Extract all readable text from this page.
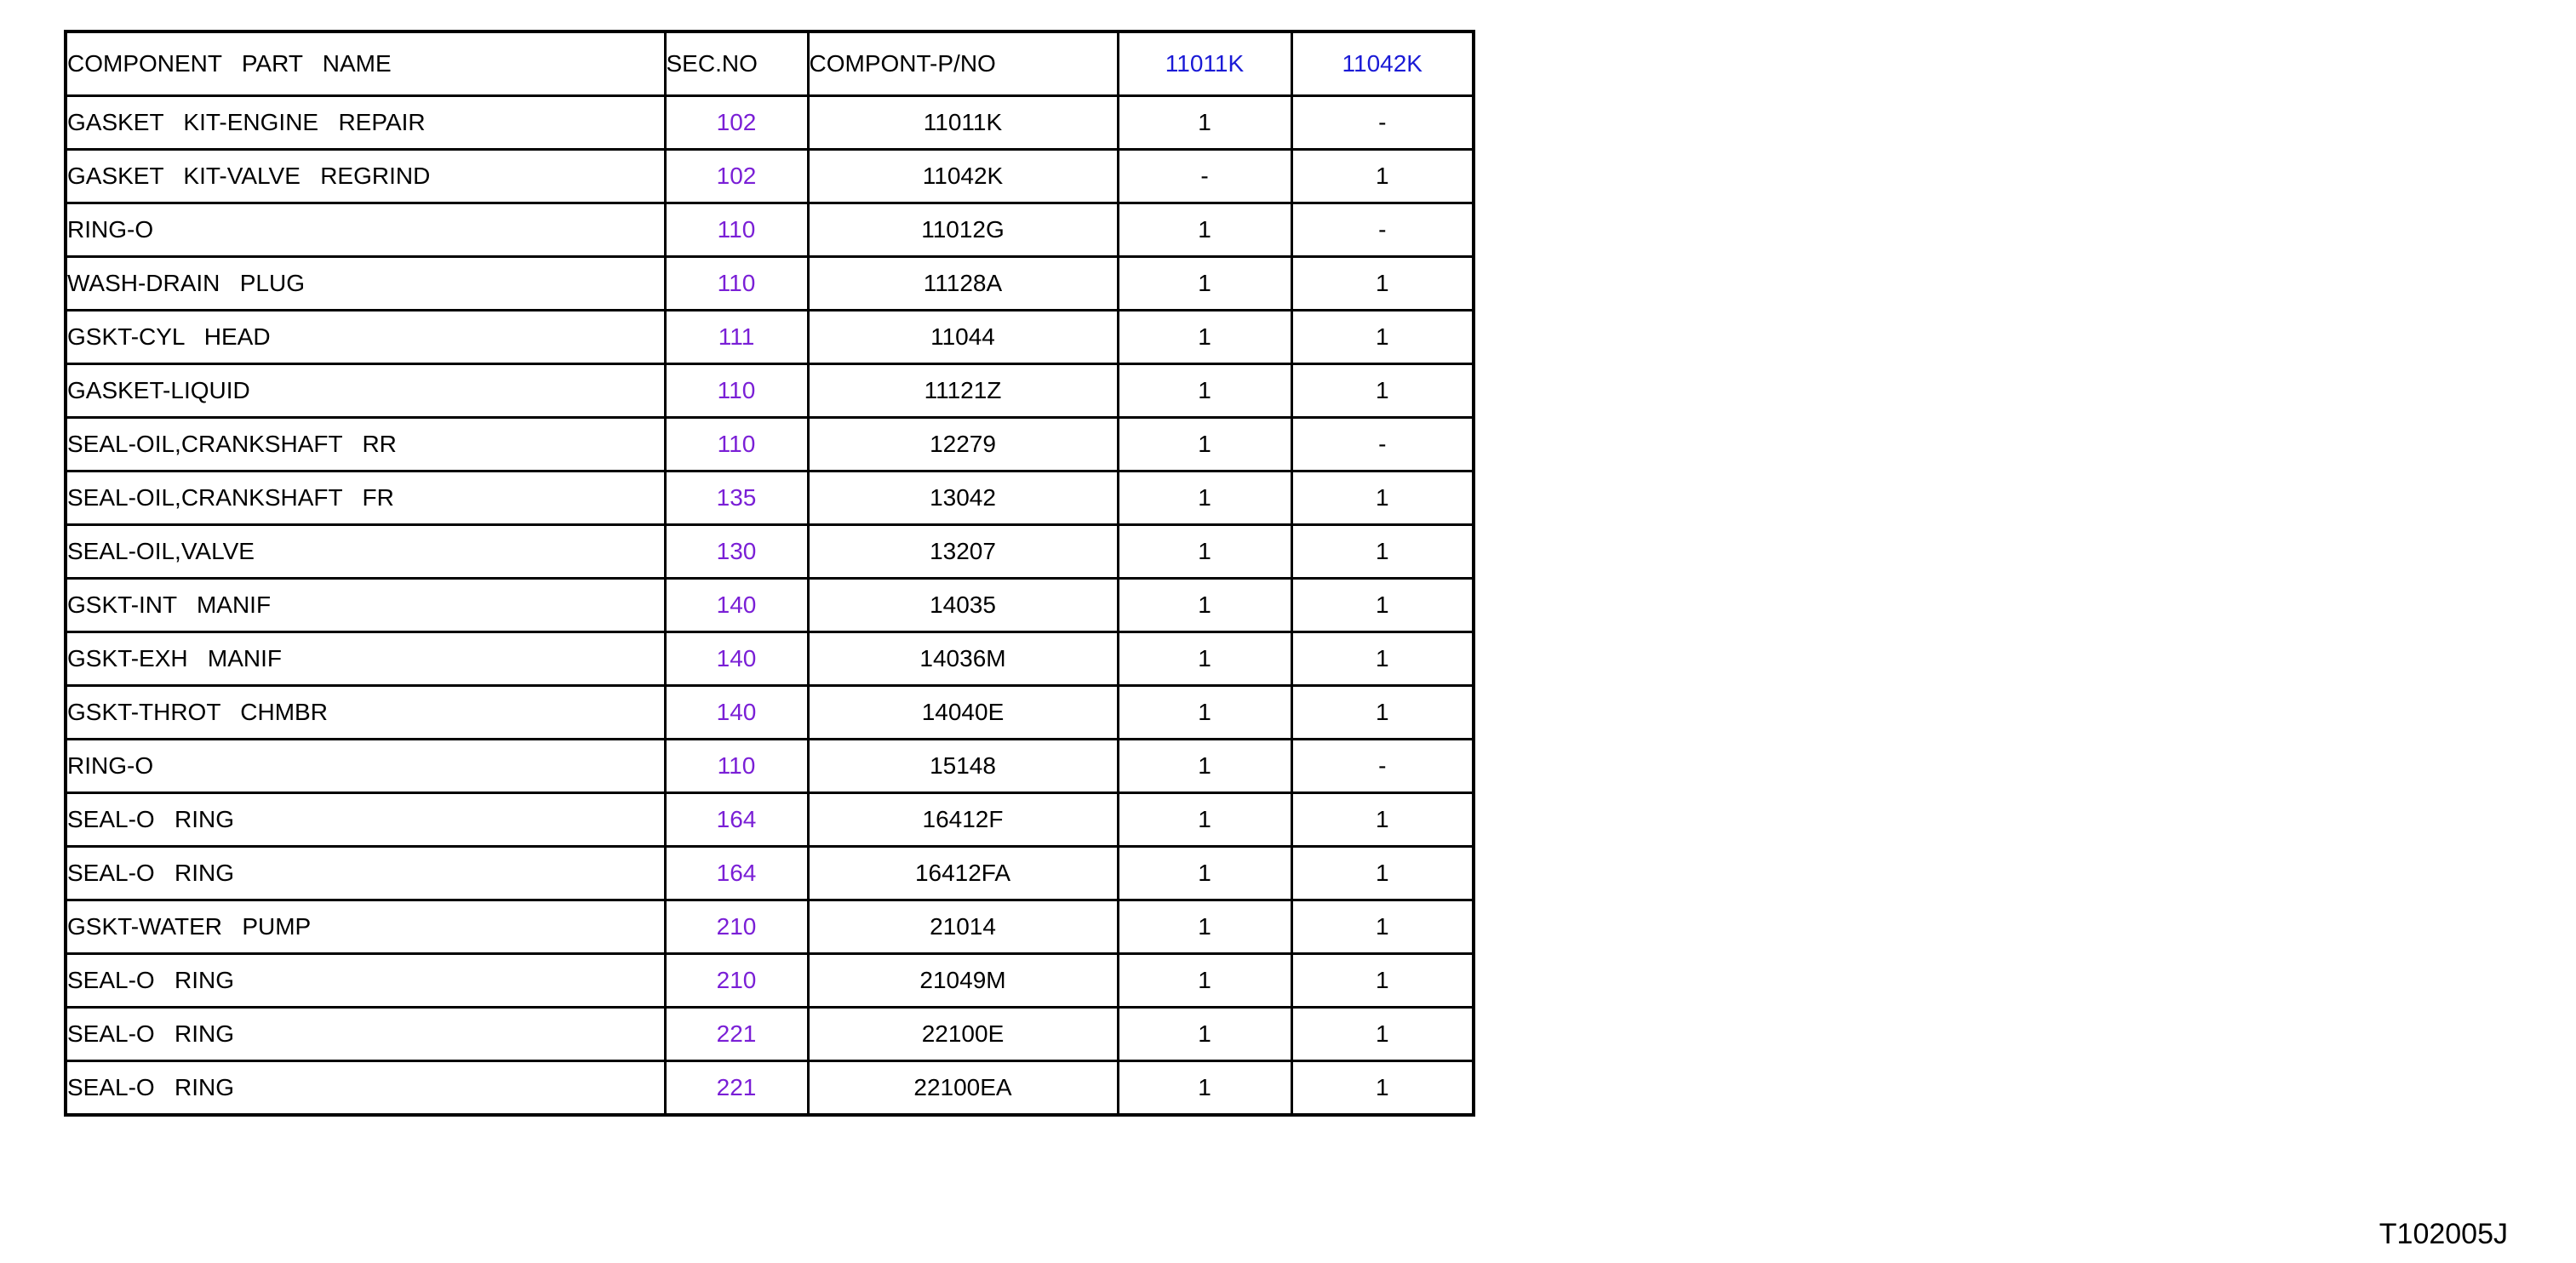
COMPONENT   PART   NAME	SEC.NO	COMPONT-P/NO	11011K	11042K
GASKET   KIT-ENGINE   REPAIR	102	11011K	1	-
GASKET   KIT-VALVE   REGRIND	102	11042K	-	1
RING-O	110	11012G	1	-
WASH-DRAIN   PLUG	110	11128A	1	1
GSKT-CYL   HEAD	111	11044	1	1
GASKET-LIQUID	110	11121Z	1	1
SEAL-OIL,CRANKSHAFT   RR	110	12279	1	-
SEAL-OIL,CRANKSHAFT   FR	135	13042	1	1
SEAL-OIL,VALVE	130	13207	1	1
GSKT-INT   MANIF	140	14035	1	1
GSKT-EXH   MANIF	140	14036M	1	1
GSKT-THROT   CHMBR	140	14040E	1	1
RING-O	110	15148	1	-
SEAL-O   RING	164	16412F	1	1
SEAL-O   RING	164	16412FA	1	1
GSKT-WATER   PUMP	210	21014	1	1
SEAL-O   RING	210	21049M	1	1
SEAL-O   RING	221	22100E	1	1
SEAL-O   RING	221	22100EA	1	1
T102005J
